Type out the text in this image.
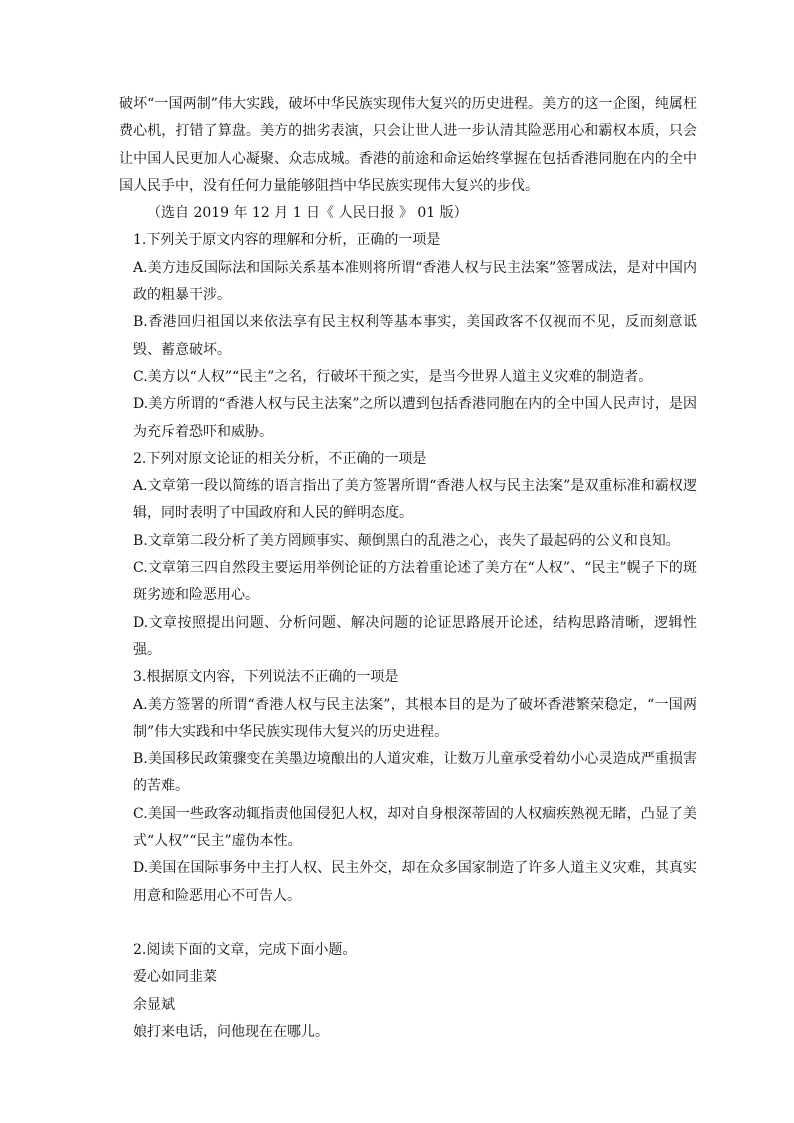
破坏“一国两制”伟大实践，破坏中华民族实现伟大复兴的历史进程。美方的这一企图，纯属枉费心机，打错了算盘。美方的拙劣表演，只会让世人进一步认清其险恶用心和霸权本质，只会让中国人民更加人心凝聚、众志成城。香港的前途和命运始终掌握在包括香港同胞在内的全中国人民手中，没有任何力量能够阻挡中华民族实现伟大复兴的步伐。

（选自 2019 年 12 月 1 日《 人民日报 》 01 版）

1.下列关于原文内容的理解和分析，正确的一项是

A.美方违反国际法和国际关系基本准则将所谓“香港人权与民主法案”签署成法，是对中国内政的粗暴干涉。

B.香港回归祖国以来依法享有民主权利等基本事实，美国政客不仅视而不见，反而刻意诋毁、蓄意破坏。

C.美方以“人权”“民主”之名，行破坏干预之实，是当今世界人道主义灾难的制造者。

D.美方所谓的“香港人权与民主法案”之所以遭到包括香港同胞在内的全中国人民声讨，是因为充斥着恐吓和威胁。

2.下列对原文论证的相关分析，不正确的一项是

A.文章第一段以简练的语言指出了美方签署所谓“香港人权与民主法案”是双重标准和霸权逻辑，同时表明了中国政府和人民的鲜明态度。

B.文章第二段分析了美方罔顾事实、颠倒黑白的乱港之心，丧失了最起码的公义和良知。

C.文章第三四自然段主要运用举例论证的方法着重论述了美方在“人权”、“民主”幌子下的斑斑劣迹和险恶用心。

D.文章按照提出问题、分析问题、解决问题的论证思路展开论述，结构思路清晰，逻辑性强。

3.根据原文内容，下列说法不正确的一项是

A.美方签署的所谓“香港人权与民主法案”，其根本目的是为了破坏香港繁荣稳定，“一国两制”伟大实践和中华民族实现伟大复兴的历史进程。

B.美国移民政策骤变在美墨边境酿出的人道灾难，让数万儿童承受着幼小心灵造成严重损害的苦难。

C.美国一些政客动辄指责他国侵犯人权，却对自身根深蒂固的人权痼疾熟视无睹，凸显了美式“人权”“民主”虚伪本性。

D.美国在国际事务中主打人权、民主外交，却在众多国家制造了许多人道主义灾难，其真实用意和险恶用心不可告人。

2.阅读下面的文章，完成下面小题。

爱心如同韭菜

余显斌

娘打来电话，问他现在在哪儿。
